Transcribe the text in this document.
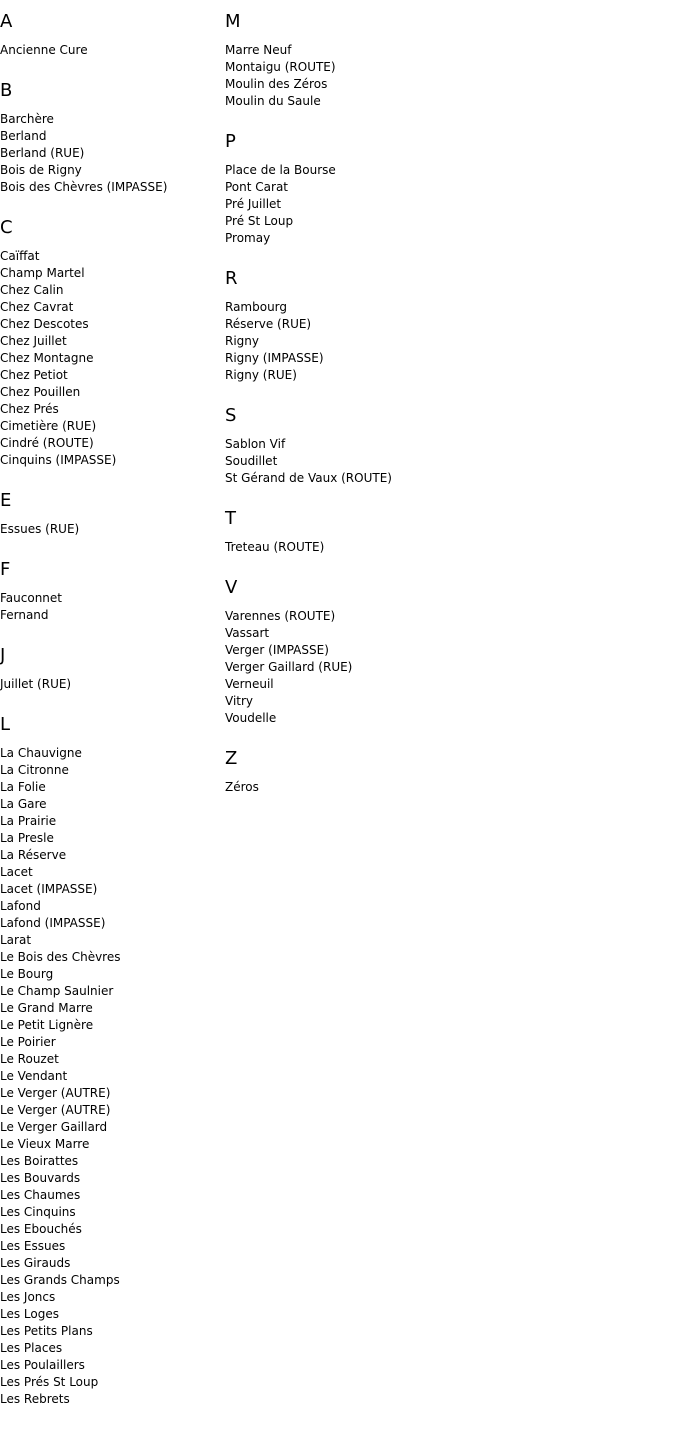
A
Ancienne Cure
B
Barchère
Berland
Berland (RUE)
Bois de Rigny
Bois des Chèvres (IMPASSE)
C
Caïffat
Champ Martel
Chez Calin
Chez Cavrat
Chez Descotes
Chez Juillet
Chez Montagne
Chez Petiot
Chez Pouillen
Chez Prés
Cimetière (RUE)
Cindré (ROUTE)
Cinquins (IMPASSE)
E
Essues (RUE)
F
Fauconnet
Fernand
J
Juillet (RUE)
L
La Chauvigne
La Citronne
La Folie
La Gare
La Prairie
La Presle
La Réserve
Lacet
Lacet (IMPASSE)
Lafond
Lafond (IMPASSE)
Larat
Le Bois des Chèvres
Le Bourg
Le Champ Saulnier
Le Grand Marre
Le Petit Lignère
Le Poirier
Le Rouzet
Le Vendant
Le Verger (AUTRE)
Le Verger (AUTRE)
Le Verger Gaillard
Le Vieux Marre
Les Boirattes
Les Bouvards
Les Chaumes
Les Cinquins
Les Ebouchés
Les Essues
Les Girauds
Les Grands Champs
Les Joncs
Les Loges
Les Petits Plans
Les Places
Les Poulaillers
Les Prés St Loup
Les Rebrets
M
Marre Neuf
Montaigu (ROUTE)
Moulin des Zéros
Moulin du Saule
P
Place de la Bourse
Pont Carat
Pré Juillet
Pré St Loup
Promay
R
Rambourg
Réserve (RUE)
Rigny
Rigny (IMPASSE)
Rigny (RUE)
S
Sablon Vif
Soudillet
St Gérand de Vaux (ROUTE)
T
Treteau (ROUTE)
V
Varennes (ROUTE)
Vassart
Verger (IMPASSE)
Verger Gaillard (RUE)
Verneuil
Vitry
Voudelle
Z
Zéros
